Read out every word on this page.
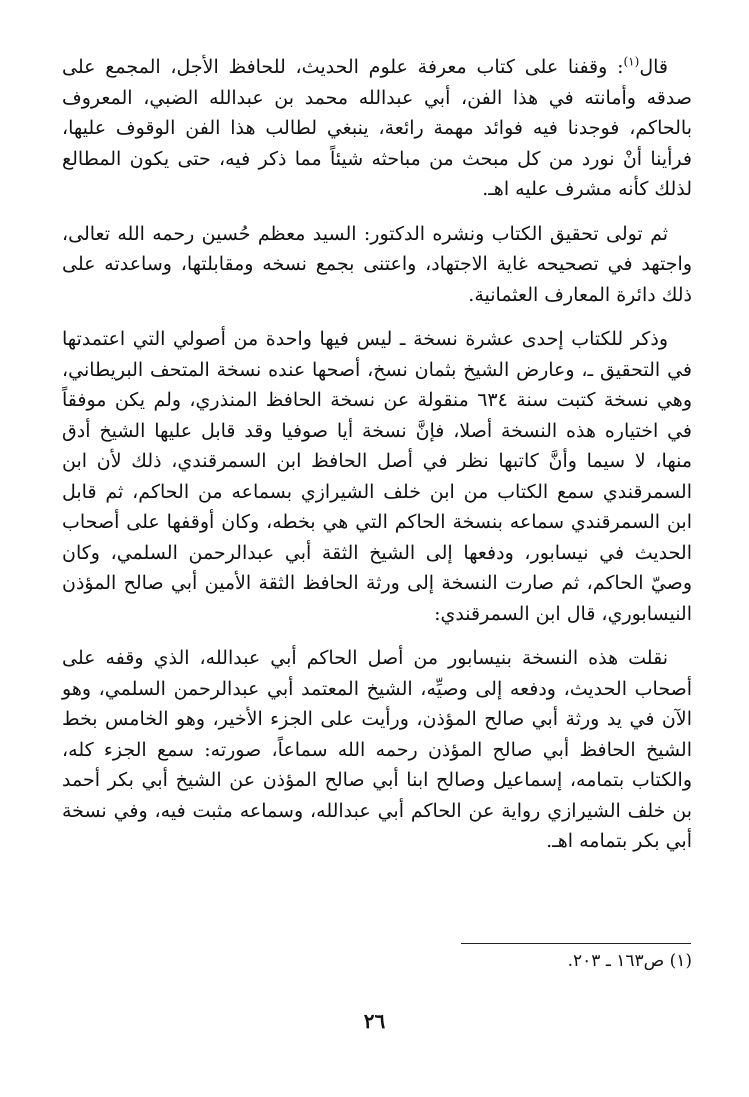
قال$^{(١)}$: وقفنا على كتاب معرفة علوم الحديث، للحافظ الأجل، المجمع على صدقه وأمانته في هذا الفن، أبي عبدالله محمد بن عبدالله الضبي، المعروف بالحاكم، فوجدنا فيه فوائد مهمة رائعة، ينبغي لطالب هذا الفن الوقوف عليها، فرأينا أنْ نورد من كل مبحث من مباحثه شيئاً مما ذكر فيه، حتى يكون المطالع لذلك كأنه مشرف عليه اهـ.

ثم تولى تحقيق الكتاب ونشره الدكتور: السيد معظم حُسين رحمه الله تعالى، واجتهد في تصحيحه غاية الاجتهاد، واعتنى بجمع نسخه ومقابلتها، وساعدته على ذلك دائرة المعارف العثمانية.

وذكر للكتاب إحدى عشرة نسخة ـ ليس فيها واحدة من أصولي التي اعتمدتها في التحقيق ـ، وعارض الشيخ بثمان نسخ، أصحها عنده نسخة المتحف البريطاني، وهي نسخة كتبت سنة ٦٣٤ منقولة عن نسخة الحافظ المنذري، ولم يكن موفقاً في اختياره هذه النسخة أصلا، فإنَّ نسخة أيا صوفيا وقد قابل عليها الشيخ أدق منها، لا سيما وأنَّ كاتبها نظر في أصل الحافظ ابن السمرقندي، ذلك لأن ابن السمرقندي سمع الكتاب من ابن خلف الشيرازي بسماعه من الحاكم، ثم قابل ابن السمرقندي سماعه بنسخة الحاكم التي هي بخطه، وكان أوقفها على أصحاب الحديث في نيسابور، ودفعها إلى الشيخ الثقة أبي عبدالرحمن السلمي، وكان وصيّ الحاكم، ثم صارت النسخة إلى ورثة الحافظ الثقة الأمين أبي صالح المؤذن النيسابوري، قال ابن السمرقندي:

نقلت هذه النسخة بنيسابور من أصل الحاكم أبي عبدالله، الذي وقفه على أصحاب الحديث، ودفعه إلى وصيِّه، الشيخ المعتمد أبي عبدالرحمن السلمي، وهو الآن في يد ورثة أبي صالح المؤذن، ورأيت على الجزء الأخير، وهو الخامس بخط الشيخ الحافظ أبي صالح المؤذن رحمه الله سماعاً، صورته: سمع الجزء كله، والكتاب بتمامه، إسماعيل وصالح ابنا أبي صالح المؤذن عن الشيخ أبي بكر أحمد بن خلف الشيرازي رواية عن الحاكم أبي عبدالله، وسماعه مثبت فيه، وفي نسخة أبي بكر بتمامه اهـ.

(١) ص١٦٣ ـ ٢٠٣.
٢٦
